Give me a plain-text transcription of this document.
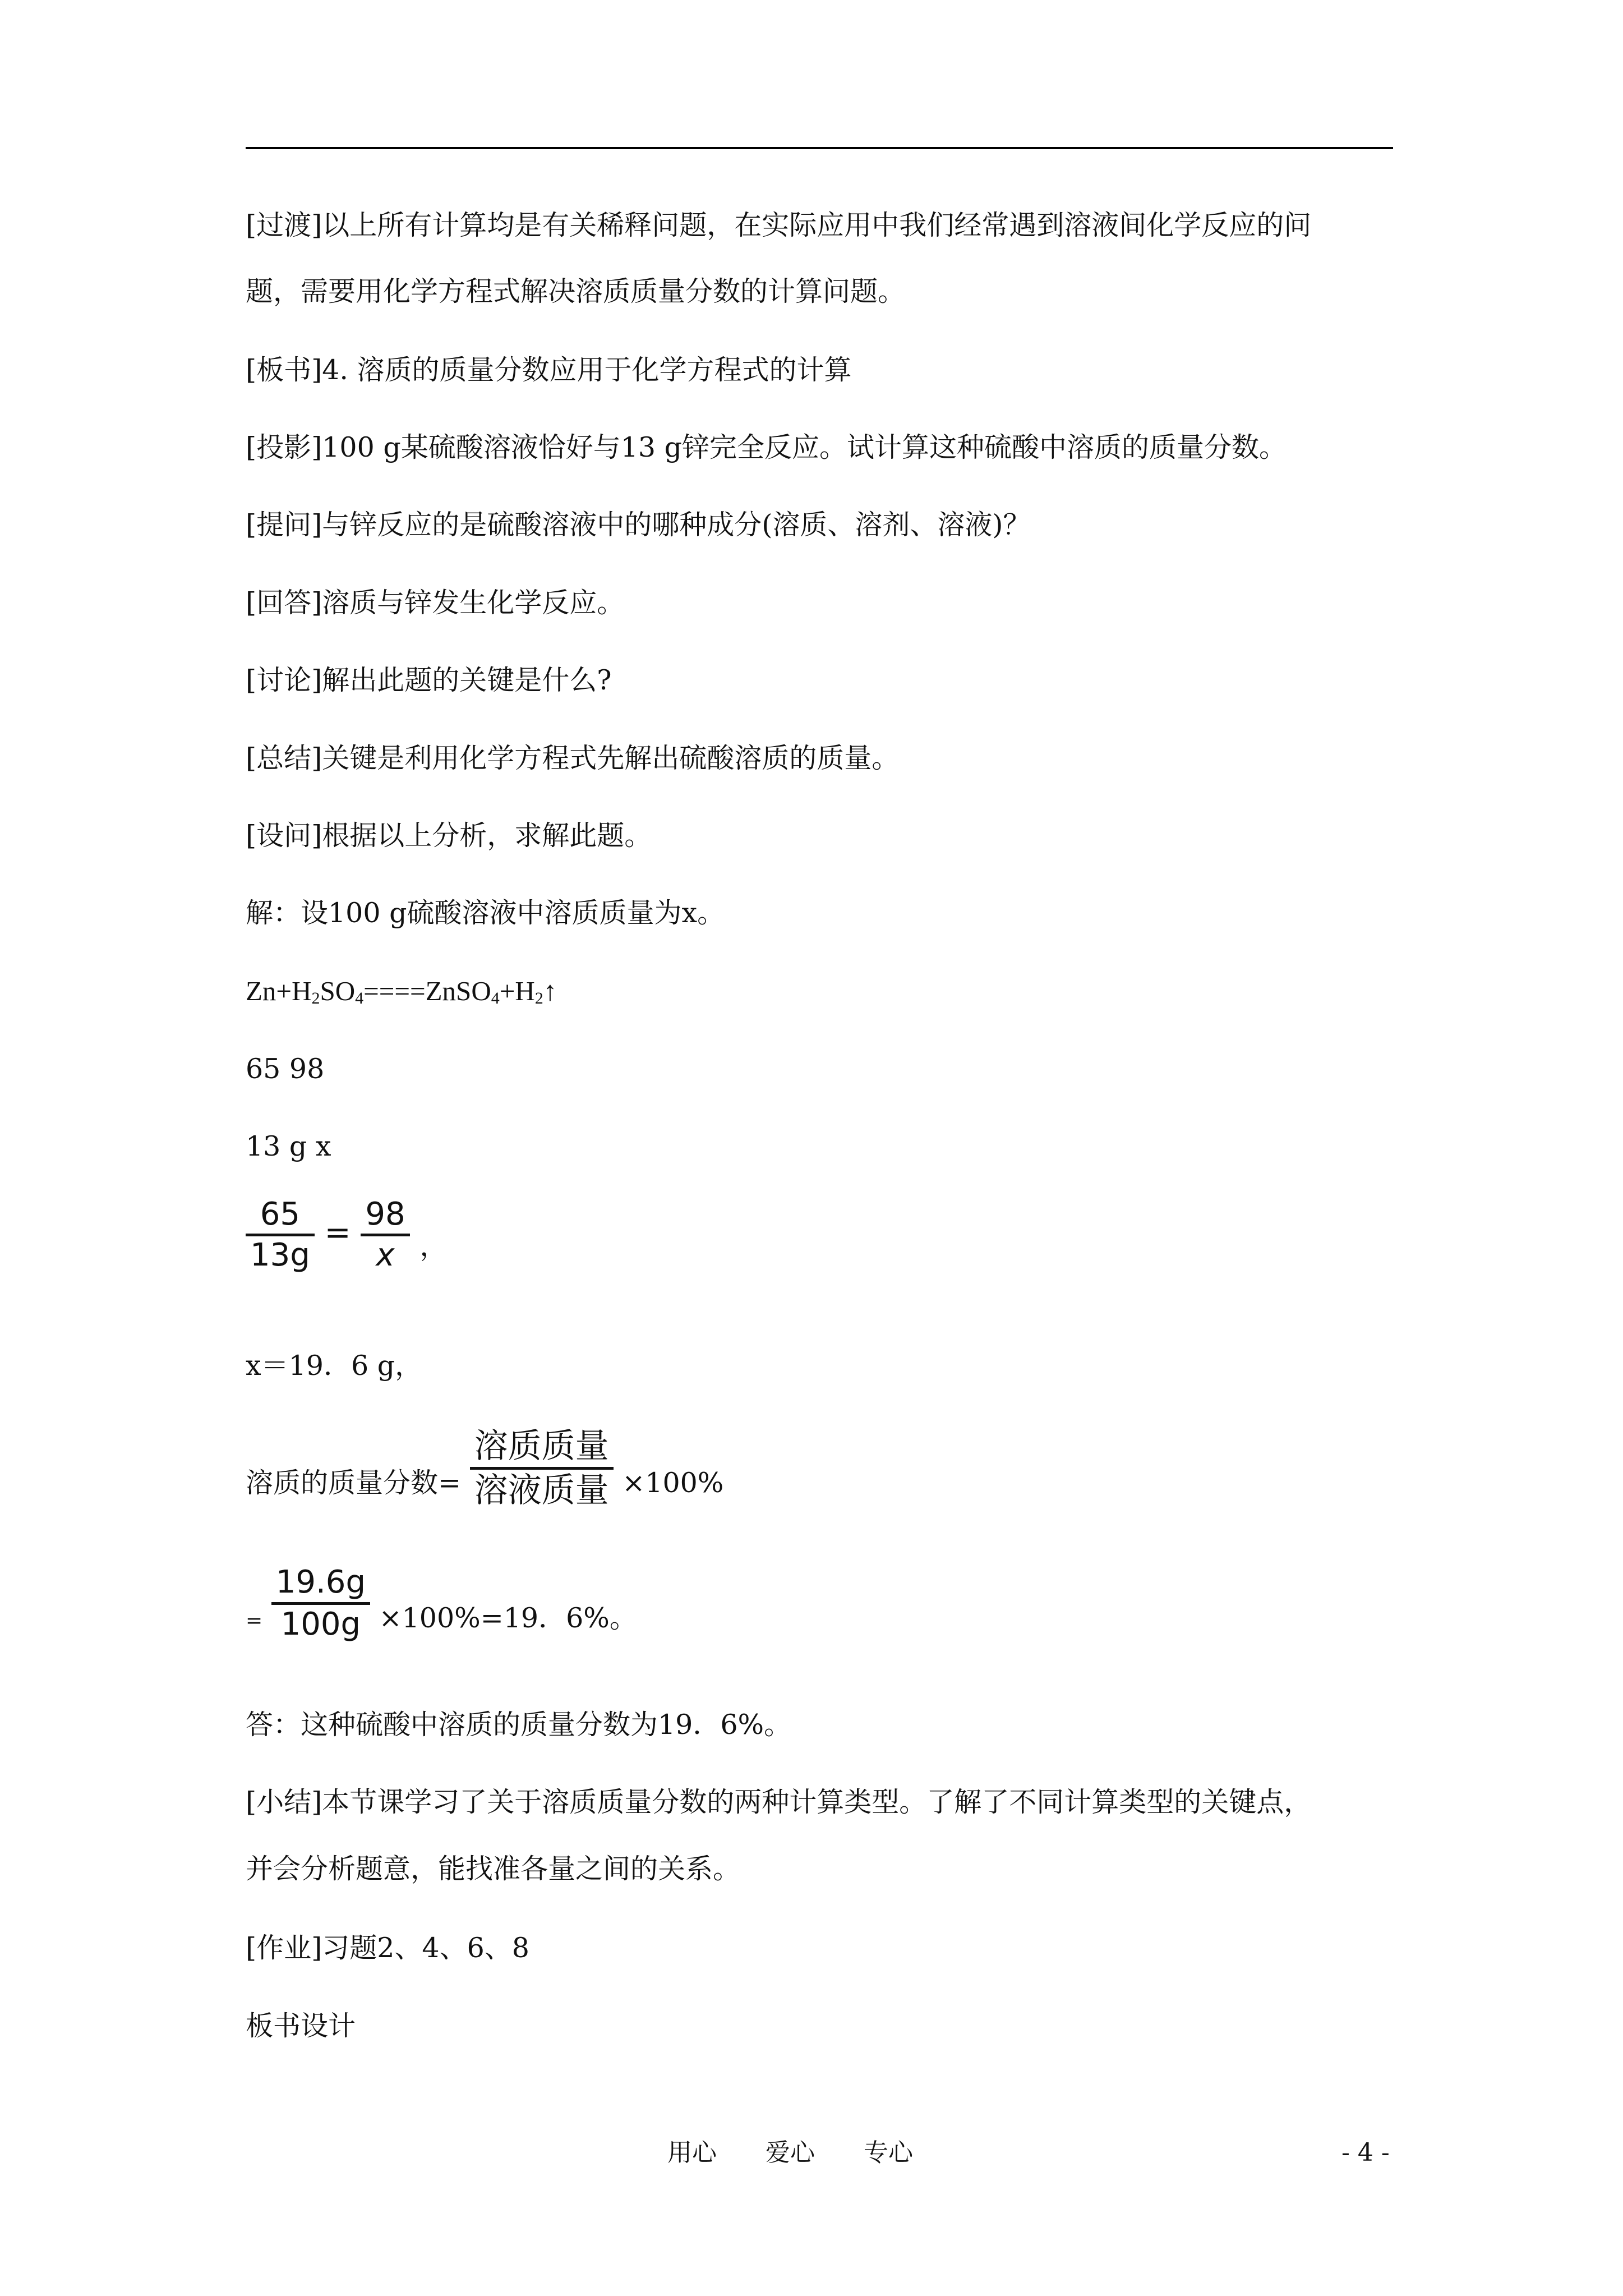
[过渡]以上所有计算均是有关稀释问题，在实际应用中我们经常遇到溶液间化学反应的问
题，需要用化学方程式解决溶质质量分数的计算问题。
[板书]4. 溶质的质量分数应用于化学方程式的计算
[投影]100 g某硫酸溶液恰好与13 g锌完全反应。试计算这种硫酸中溶质的质量分数。
[提问]与锌反应的是硫酸溶液中的哪种成分(溶质、溶剂、溶液)？
[回答]溶质与锌发生化学反应。
[讨论]解出此题的关键是什么?
[总结]关键是利用化学方程式先解出硫酸溶质的质量。
[设问]根据以上分析，求解此题。
解：设100 g硫酸溶液中溶质质量为x。
$Zn+H_2SO_4====ZnSO_4+H_2↑$
65 98
13 g x
65
13g
=
98
x ，
x＝19．6 g，
溶质的质量分数=
溶质质量
溶液质量 ×100%
$_=$
19.6g
100g ×100%=19．6%。
答：这种硫酸中溶质的质量分数为19．6%。
[小结]本节课学习了关于溶质质量分数的两种计算类型。了解了不同计算类型的关键点，
并会分析题意，能找准各量之间的关系。
[作业]习题2、4、6、8
板书设计
用心 爱心 专心	- 4 -
